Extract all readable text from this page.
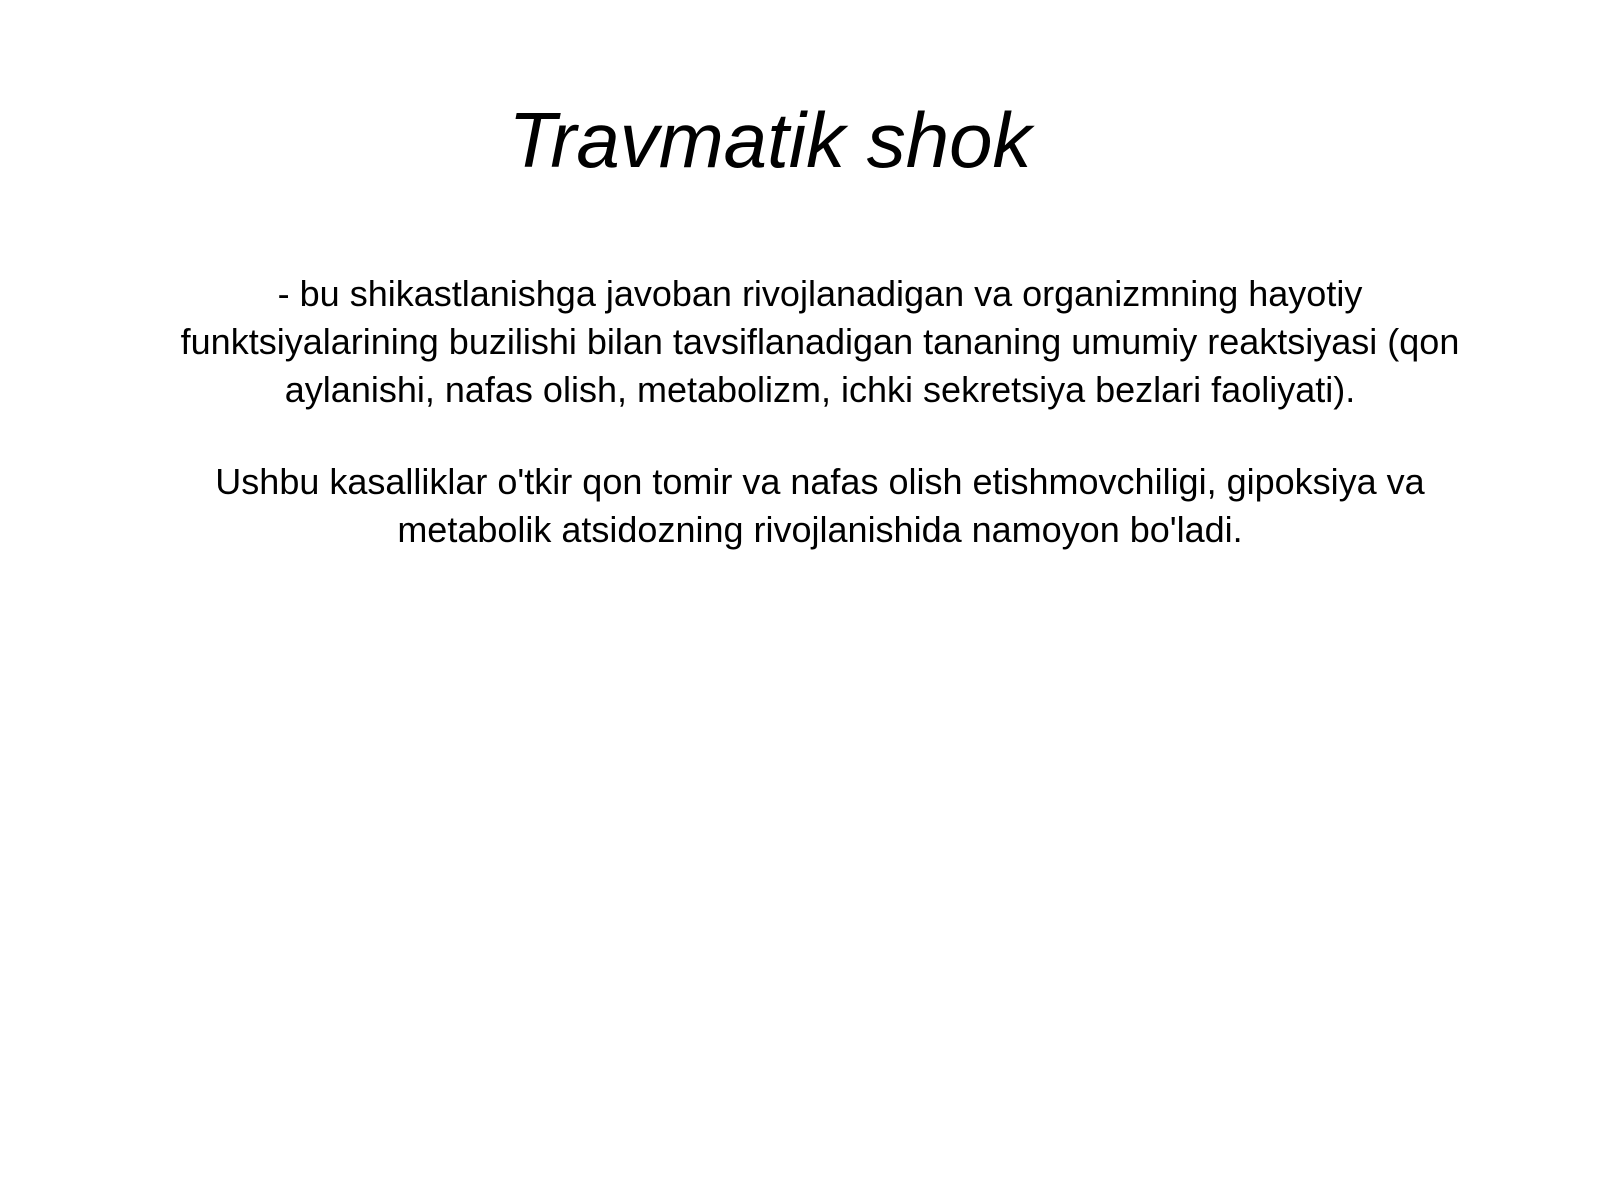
Travmatik shok

- bu shikastlanishga javoban rivojlanadigan va organizmning hayotiy
funktsiyalarining buzilishi bilan tavsiflanadigan tananing umumiy reaktsiyasi (qon
aylanishi, nafas olish, metabolizm, ichki sekretsiya bezlari faoliyati).

Ushbu kasalliklar o'tkir qon tomir va nafas olish etishmovchiligi, gipoksiya va
metabolik atsidozning rivojlanishida namoyon bo'ladi.
